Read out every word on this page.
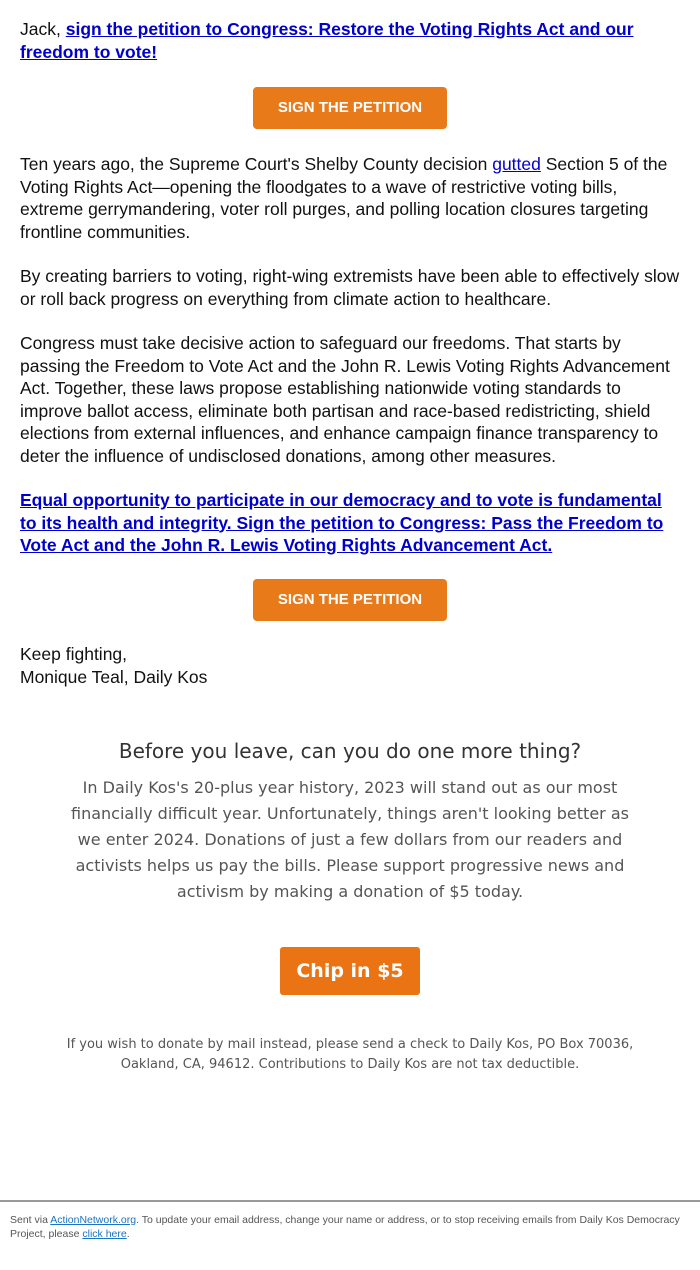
Jack, sign the petition to Congress: Restore the Voting Rights Act and our freedom to vote!

SIGN THE PETITION

Ten years ago, the Supreme Court's Shelby County decision gutted Section 5 of the Voting Rights Act—opening the floodgates to a wave of restrictive voting bills, extreme gerrymandering, voter roll purges, and polling location closures targeting frontline communities.

By creating barriers to voting, right-wing extremists have been able to effectively slow or roll back progress on everything from climate action to healthcare.

Congress must take decisive action to safeguard our freedoms. That starts by passing the Freedom to Vote Act and the John R. Lewis Voting Rights Advancement Act. Together, these laws propose establishing nationwide voting standards to improve ballot access, eliminate both partisan and race-based redistricting, shield elections from external influences, and enhance campaign finance transparency to deter the influence of undisclosed donations, among other measures.

Equal opportunity to participate in our democracy and to vote is fundamental to its health and integrity. Sign the petition to Congress: Pass the Freedom to Vote Act and the John R. Lewis Voting Rights Advancement Act.

SIGN THE PETITION
Keep fighting,
Monique Teal, Daily Kos
Before you leave, can you do one more thing?

In Daily Kos's 20-plus year history, 2023 will stand out as our most financially difficult year. Unfortunately, things aren't looking better as we enter 2024. Donations of just a few dollars from our readers and activists helps us pay the bills. Please support progressive news and activism by making a donation of $5 today.

Chip in $5
If you wish to donate by mail instead, please send a check to Daily Kos, PO Box 70036, Oakland, CA, 94612. Contributions to Daily Kos are not tax deductible.
Sent via ActionNetwork.org. To update your email address, change your name or address, or to stop receiving emails from Daily Kos Democracy Project, please click here.
